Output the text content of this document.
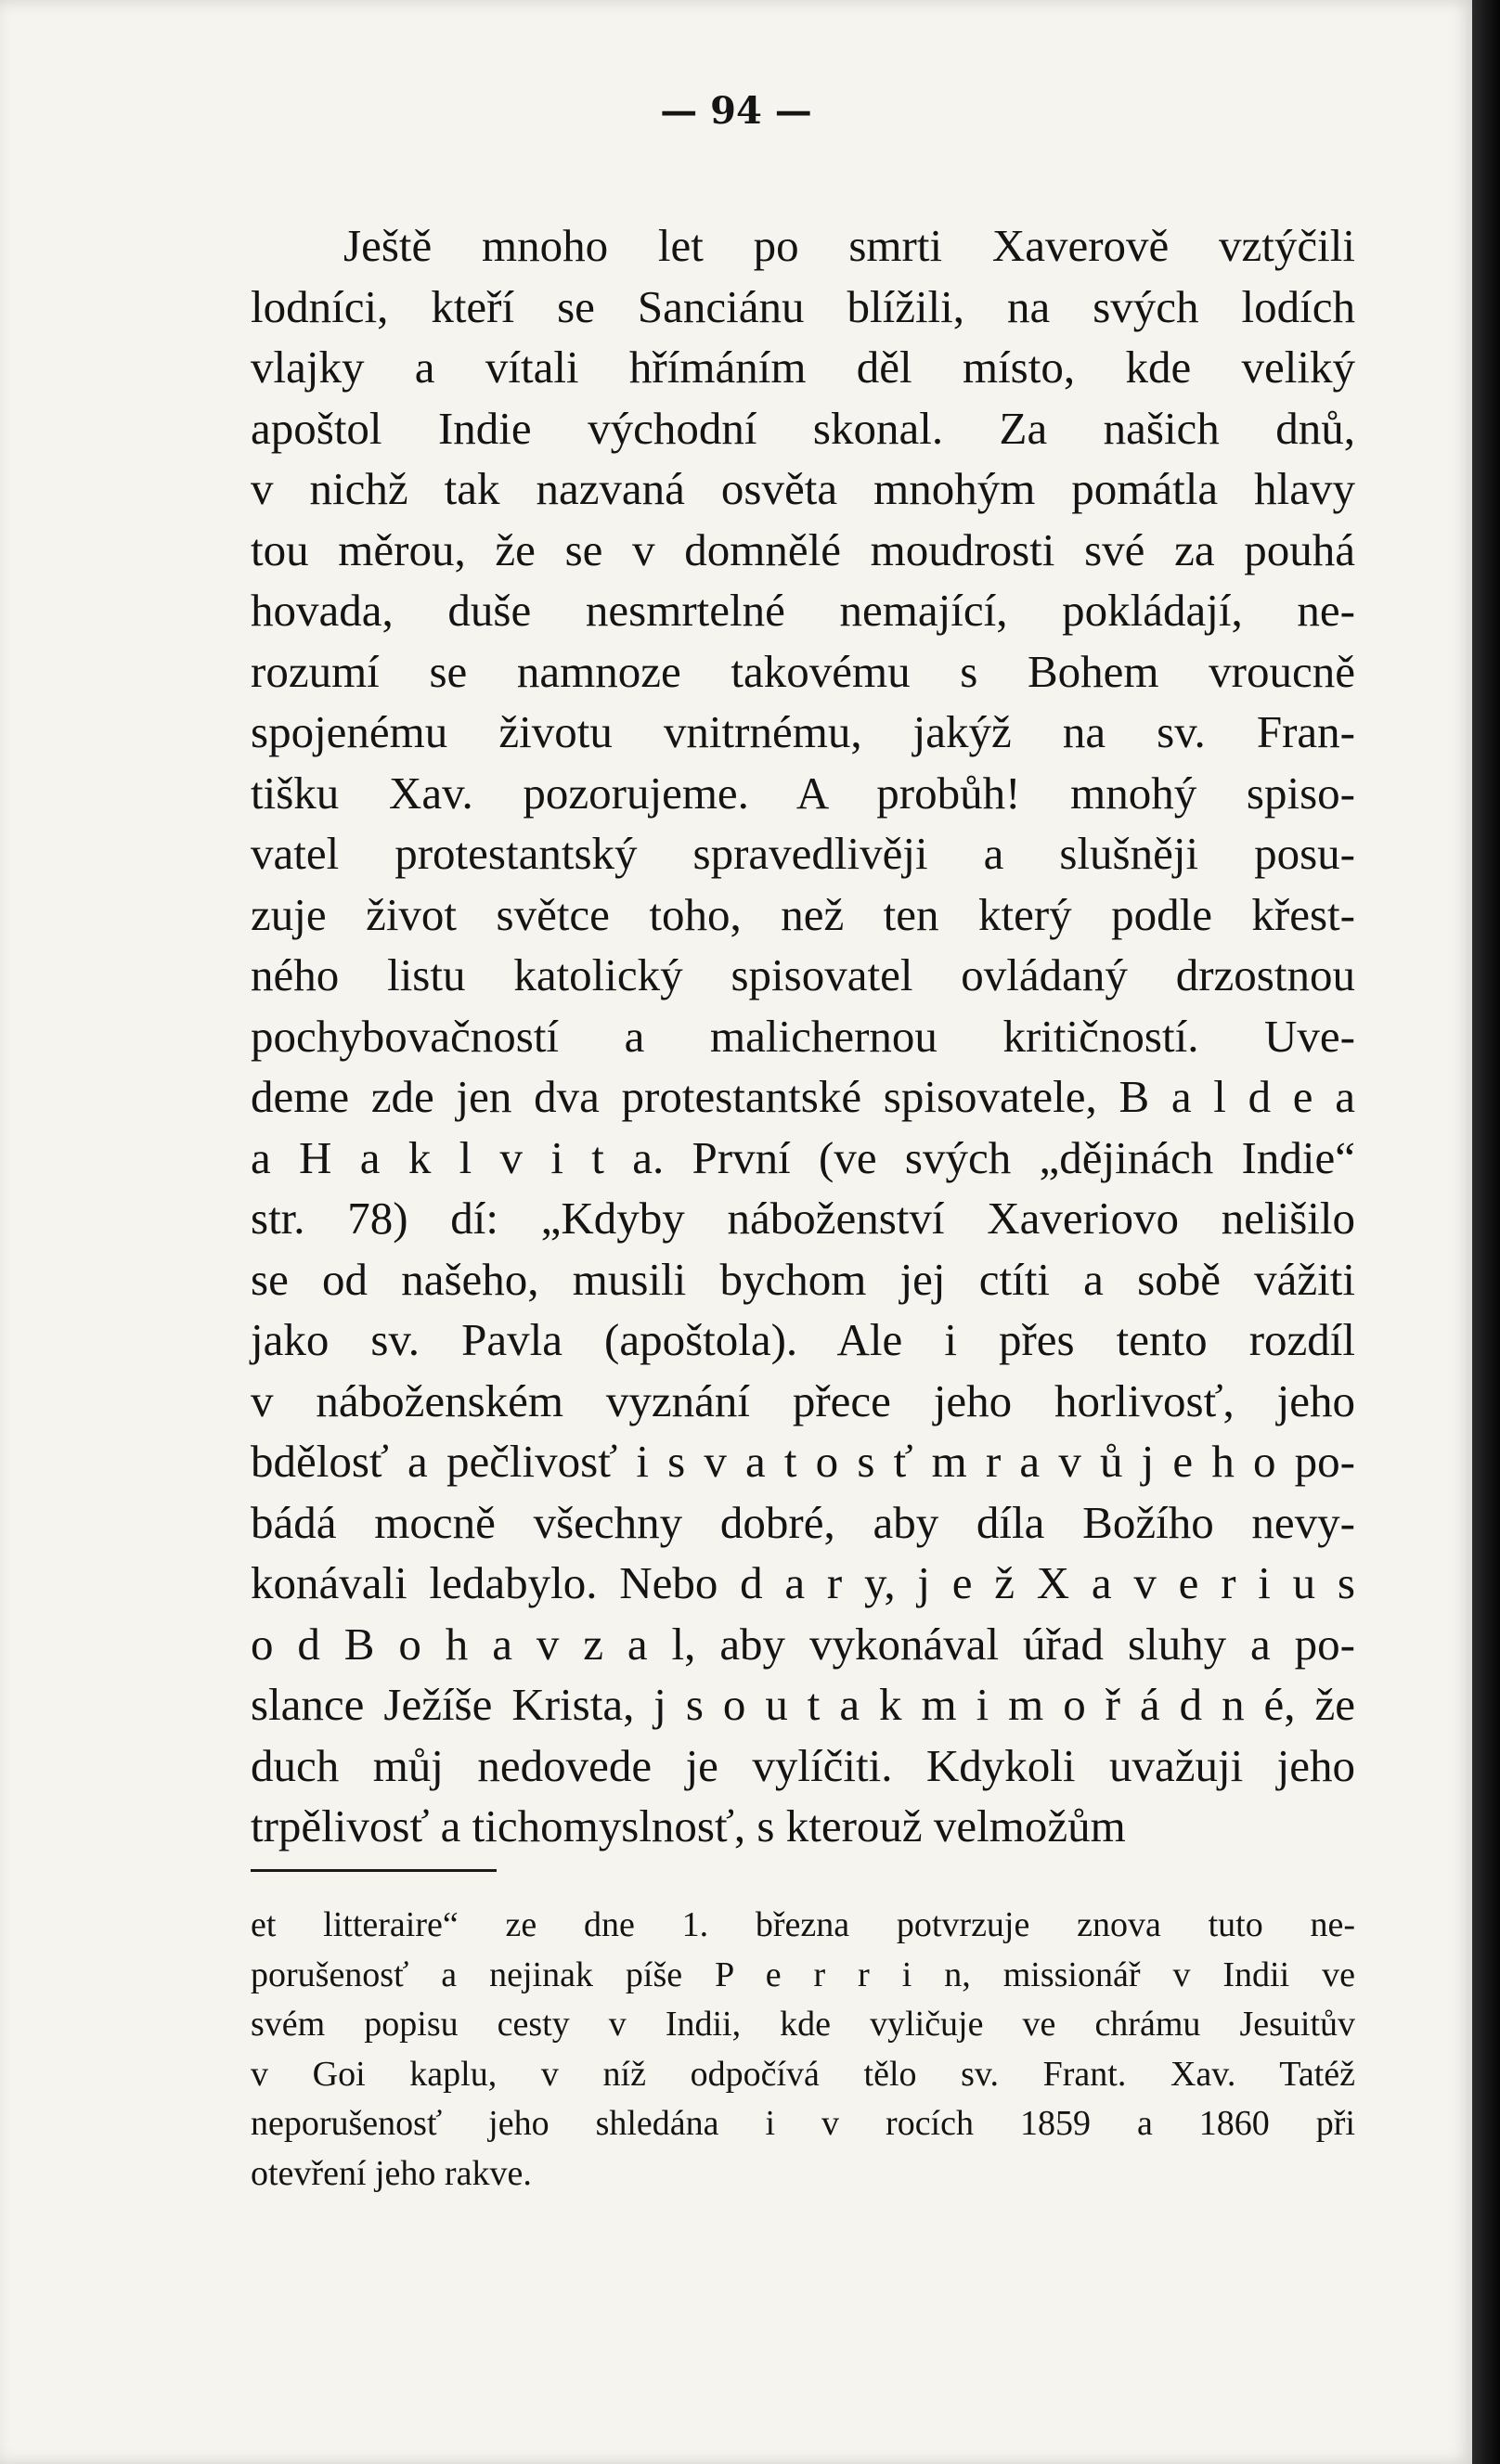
— 94 —
Ještě mnoho let po smrti Xaverově vztýčili
lodníci, kteří se Sanciánu blížili, na svých lodích
vlajky a vítali hřímáním děl místo, kde veliký
apoštol Indie východní skonal. Za našich dnů,
v nichž tak nazvaná osvěta mnohým pomátla hlavy
tou měrou, že se v domnělé moudrosti své za pouhá
hovada, duše nesmrtelné nemající, pokládají, ne-
rozumí se namnoze takovému s Bohem vroucně
spojenému životu vnitrnému, jakýž na sv. Fran-
tišku Xav. pozorujeme. A probůh! mnohý spiso-
vatel protestantský spravedlivěji a slušněji posu-
zuje život světce toho, než ten který podle křest-
ného listu katolický spisovatel ovládaný drzostnou
pochybovačností a malichernou kritičností. Uve-
deme zde jen dva protestantské spisovatele, B a l d e a
a H a k l v i t a. První (ve svých „dějinách Indie“
str. 78) dí: „Kdyby náboženství Xaveriovo nelišilo
se od našeho, musili bychom jej ctíti a sobě vážiti
jako sv. Pavla (apoštola). Ale i přes tento rozdíl
v náboženském vyznání přece jeho horlivosť, jeho
bdělosť a pečlivosť i s v a t o s ť m r a v ů j e h o po-
bádá mocně všechny dobré, aby díla Božího nevy-
konávali ledabylo. Nebo d a r y, j e ž X a v e r i u s
o d B o h a v z a l, aby vykonával úřad sluhy a po-
slance Ježíše Krista, j s o u t a k m i m o ř á d n é, že
duch můj nedovede je vylíčiti. Kdykoli uvažuji jeho
trpělivosť a tichomyslnosť, s kterouž velmožům
et litteraire“ ze dne 1. března potvrzuje znova tuto ne-
porušenosť a nejinak píše P e r r i n, missionář v Indii ve
svém popisu cesty v Indii, kde vyličuje ve chrámu Jesuitův
v Goi kaplu, v níž odpočívá tělo sv. Frant. Xav. Tatéž
neporušenosť jeho shledána i v rocích 1859 a 1860 při
otevření jeho rakve.
